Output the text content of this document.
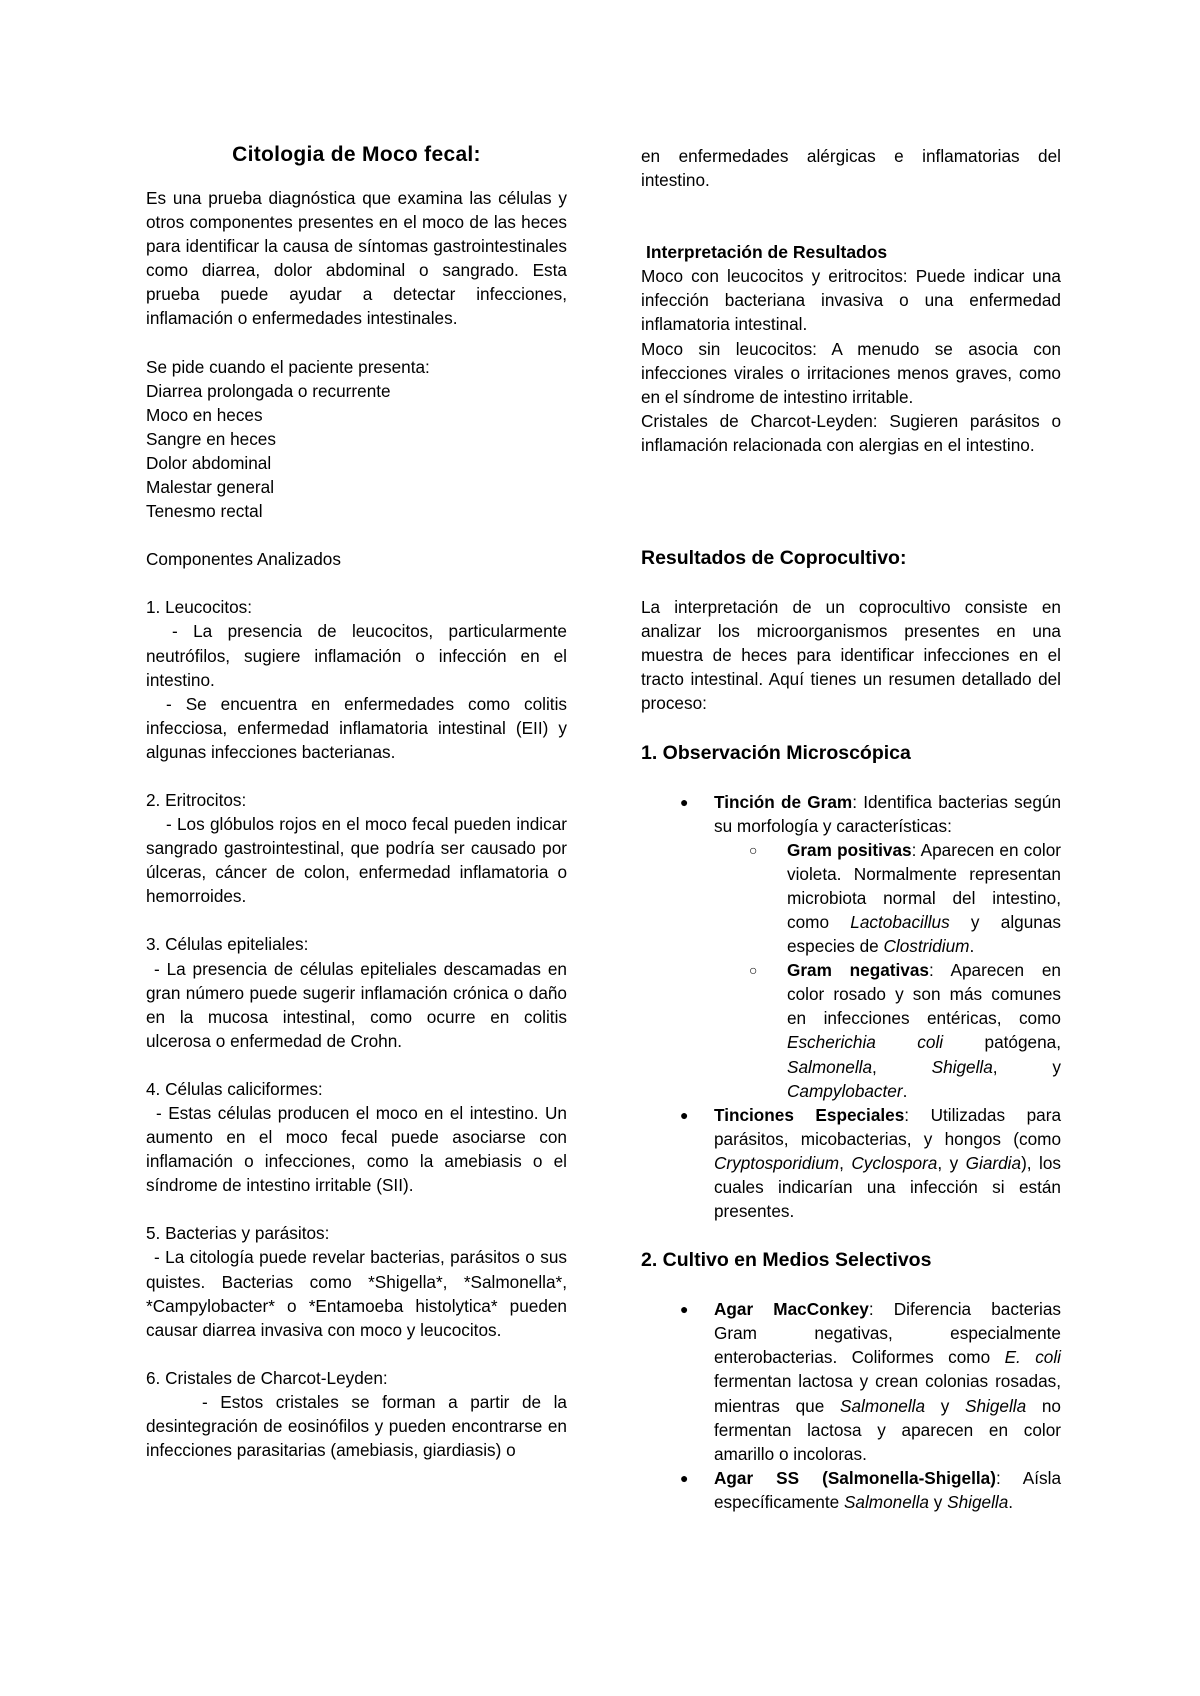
Citologia de Moco fecal:

Es una prueba diagnóstica que examina las células y otros componentes presentes en el moco de las heces para identificar la causa de síntomas gastrointestinales como diarrea, dolor abdominal o sangrado. Esta prueba puede ayudar a detectar infecciones, inflamación o enfermedades intestinales.

Se pide cuando el paciente presenta:

Diarrea prolongada o recurrente

Moco en heces

Sangre en heces

Dolor abdominal

Malestar general

Tenesmo rectal

Componentes Analizados

1. Leucocitos:

- La presencia de leucocitos, particularmente neutrófilos, sugiere inflamación o infección en el intestino.

- Se encuentra en enfermedades como colitis infecciosa, enfermedad inflamatoria intestinal (EII) y algunas infecciones bacterianas.

2. Eritrocitos:

- Los glóbulos rojos en el moco fecal pueden indicar sangrado gastrointestinal, que podría ser causado por úlceras, cáncer de colon, enfermedad inflamatoria o hemorroides.

3. Células epiteliales:

- La presencia de células epiteliales descamadas en gran número puede sugerir inflamación crónica o daño en la mucosa intestinal, como ocurre en colitis ulcerosa o enfermedad de Crohn.

4. Células caliciformes:

- Estas células producen el moco en el intestino. Un aumento en el moco fecal puede asociarse con inflamación o infecciones, como la amebiasis o el síndrome de intestino irritable (SII).

5. Bacterias y parásitos:

- La citología puede revelar bacterias, parásitos o sus quistes. Bacterias como *Shigella*, *Salmonella*, *Campylobacter* o *Entamoeba histolytica* pueden causar diarrea invasiva con moco y leucocitos.

6. Cristales de Charcot-Leyden:

- Estos cristales se forman a partir de la desintegración de eosinófilos y pueden encontrarse en infecciones parasitarias (amebiasis, giardiasis) o

en enfermedades alérgicas e inflamatorias del intestino.

Interpretación de Resultados

Moco con leucocitos y eritrocitos: Puede indicar una infección bacteriana invasiva o una enfermedad inflamatoria intestinal.

Moco sin leucocitos: A menudo se asocia con infecciones virales o irritaciones menos graves, como en el síndrome de intestino irritable.

Cristales de Charcot-Leyden: Sugieren parásitos o inflamación relacionada con alergias en el intestino.

Resultados de Coprocultivo:

La interpretación de un coprocultivo consiste en analizar los microorganismos presentes en una muestra de heces para identificar infecciones en el tracto intestinal. Aquí tienes un resumen detallado del proceso:

1. Observación Microscópica

● Tinción de Gram: Identifica bacterias según su morfología y características:
○ Gram positivas: Aparecen en color violeta. Normalmente representan microbiota normal del intestino, como Lactobacillus y algunas especies de Clostridium.
○ Gram negativas: Aparecen en color rosado y son más comunes en infecciones entéricas, como Escherichia coli patógena, Salmonella, Shigella, y Campylobacter.
● Tinciones Especiales: Utilizadas para parásitos, micobacterias, y hongos (como Cryptosporidium, Cyclospora, y Giardia), los cuales indicarían una infección si están presentes.

2. Cultivo en Medios Selectivos

● Agar MacConkey: Diferencia bacterias Gram negativas, especialmente enterobacterias. Coliformes como E. coli fermentan lactosa y crean colonias rosadas, mientras que Salmonella y Shigella no fermentan lactosa y aparecen en color amarillo o incoloras.
● Agar SS (Salmonella-Shigella): Aísla específicamente Salmonella y Shigella.
